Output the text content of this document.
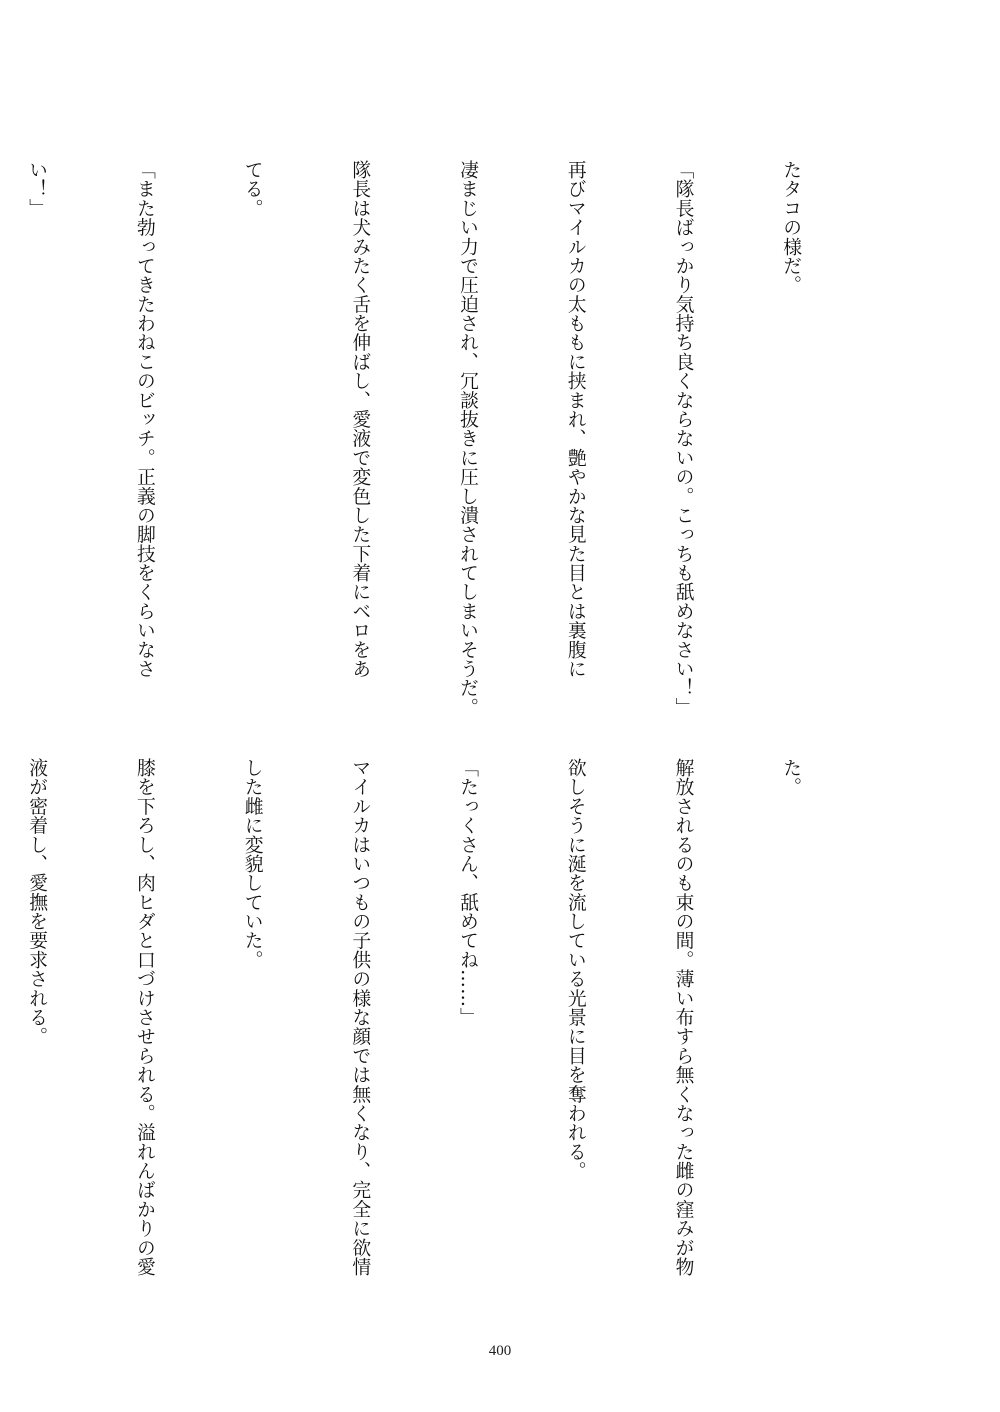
たタコの様だ。

「隊長ばっかり気持ち良くならないの。こっちも舐めなさい！」

再びマイルカの太ももに挟まれ、艶やかな見た目とは裏腹に

凄まじい力で圧迫され、冗談抜きに圧し潰されてしまいそうだ。

隊長は犬みたく舌を伸ばし、愛液で変色した下着にベロをあ

てる。

「また勃ってきたわねこのビッチ。正義の脚技をくらいなさ

い！」

た。

解放されるのも束の間。薄い布すら無くなった雌の窪みが物

欲しそうに涎を流している光景に目を奪われる。

「たっくさん、舐めてね……」

マイルカはいつもの子供の様な顔では無くなり、完全に欲情

した雌に変貌していた。

膝を下ろし、肉ヒダと口づけさせられる。溢れんばかりの愛

液が密着し、愛撫を要求される。

400
